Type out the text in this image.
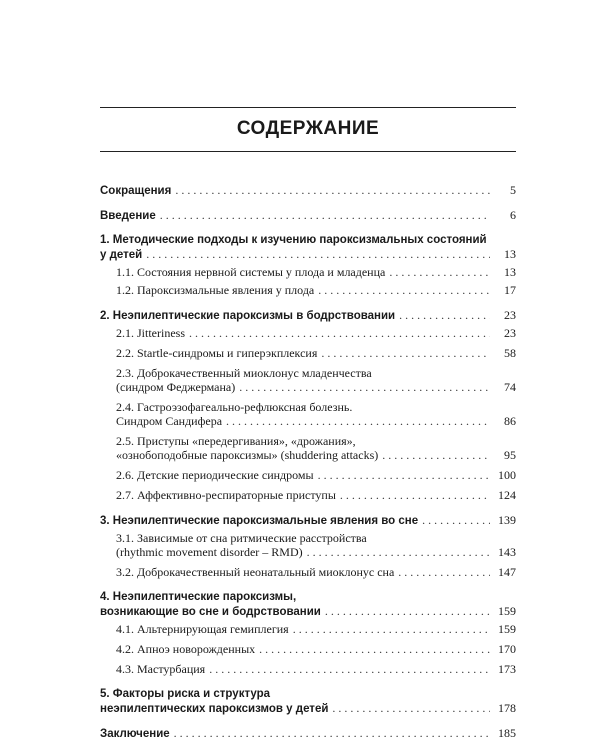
СОДЕРЖАНИЕ
Сокращения . . .	5
Введение . . .	6
1. Методические подходы к изучению пароксизмальных состояний
у детей . . .	13
1.1. Состояния нервной системы у плода и младенца . . .	13
1.2. Пароксизмальные явления у плода . . .	17
2. Неэпилептические пароксизмы в бодрствовании . . .	23
2.1. Jitteriness . . .	23
2.2. Startle-синдромы и гиперэкплексия . . .	58
2.3. Доброкачественный миоклонус младенчества
(синдром Феджермана) . . .	74
2.4. Гастроэзофагеально-рефлюксная болезнь.
Синдром Сандифера . . .	86
2.5. Приступы «передергивания», «дрожания»,
«ознобоподобные пароксизмы» (shuddering attacks) . . .	95
2.6. Детские периодические синдромы . . .	100
2.7. Аффективно-респираторные приступы . . .	124
3. Неэпилептические пароксизмальные явления во сне . . .	139
3.1. Зависимые от сна ритмические расстройства
(rhythmic movement disorder – RMD) . . .	143
3.2. Доброкачественный неонатальный миоклонус сна . . .	147
4. Неэпилептические пароксизмы,
возникающие во сне и бодрствовании . . .	159
4.1. Альтернирующая гемиплегия . . .	159
4.2. Апноэ новорожденных . . .	170
4.3. Мастурбация . . .	173
5. Факторы риска и структура
неэпилептических пароксизмов у детей . . .	178
Заключение . . .	185
